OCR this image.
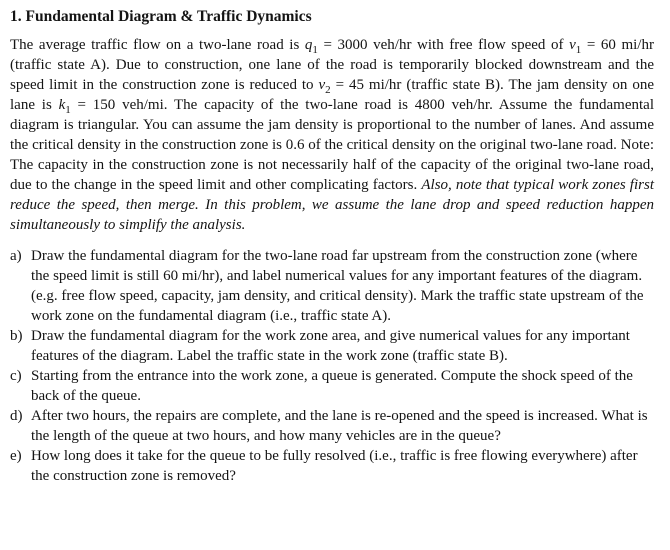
1. Fundamental Diagram & Traffic Dynamics

The average traffic flow on a two-lane road is $q_1 = 3000$ veh/hr with free flow speed of $v_1 = 60$ mi/hr (traffic state A). Due to construction, one lane of the road is temporarily blocked downstream and the speed limit in the construction zone is reduced to $v_2 = 45$ mi/hr (traffic state B). The jam density on one lane is $k_1 = 150$ veh/mi. The capacity of the two-lane road is 4800 veh/hr. Assume the fundamental diagram is triangular. You can assume the jam density is proportional to the number of lanes. And assume the critical density in the construction zone is 0.6 of the critical density on the original two-lane road. Note: The capacity in the construction zone is not necessarily half of the capacity of the original two-lane road, due to the change in the speed limit and other complicating factors. Also, note that typical work zones first reduce the speed, then merge. In this problem, we assume the lane drop and speed reduction happen simultaneously to simplify the analysis.

a) Draw the fundamental diagram for the two-lane road far upstream from the construction zone (where the speed limit is still 60 mi/hr), and label numerical values for any important features of the diagram. (e.g. free flow speed, capacity, jam density, and critical density). Mark the traffic state upstream of the work zone on the fundamental diagram (i.e., traffic state A).
b) Draw the fundamental diagram for the work zone area, and give numerical values for any important features of the diagram. Label the traffic state in the work zone (traffic state B).
c) Starting from the entrance into the work zone, a queue is generated. Compute the shock speed of the back of the queue.
d) After two hours, the repairs are complete, and the lane is re-opened and the speed is increased. What is the length of the queue at two hours, and how many vehicles are in the queue?
e) How long does it take for the queue to be fully resolved (i.e., traffic is free flowing everywhere) after the construction zone is removed?
